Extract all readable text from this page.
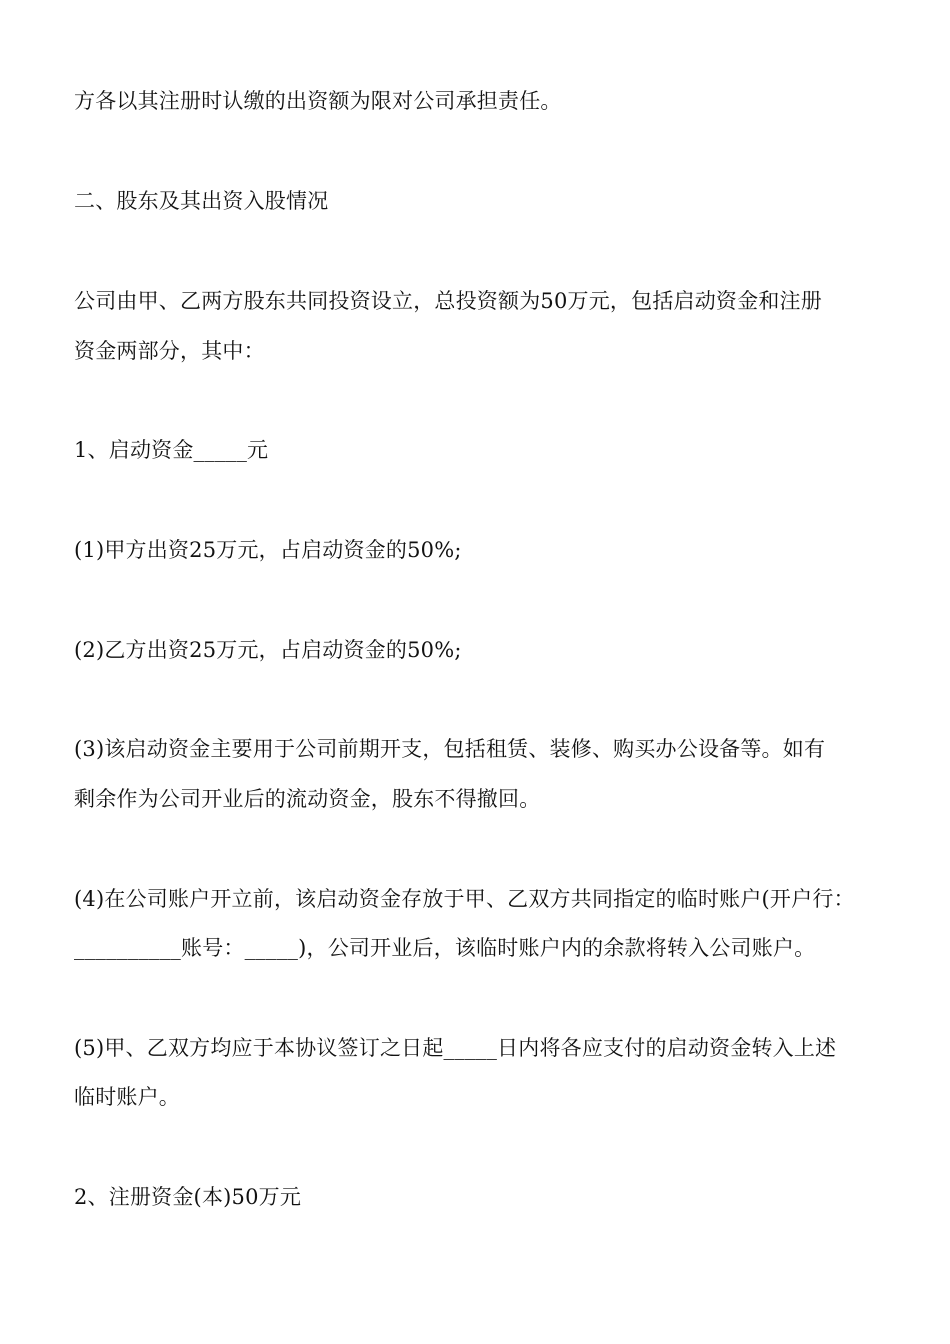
方各以其注册时认缴的出资额为限对公司承担责任。
二、股东及其出资入股情况
公司由甲、乙两方股东共同投资设立，总投资额为50万元，包括启动资金和注册
资金两部分，其中：
1、启动资金_____元
(1)甲方出资25万元，占启动资金的50%;
(2)乙方出资25万元，占启动资金的50%;
(3)该启动资金主要用于公司前期开支，包括租赁、装修、购买办公设备等。如有
剩余作为公司开业后的流动资金，股东不得撤回。
(4)在公司账户开立前，该启动资金存放于甲、乙双方共同指定的临时账户(开户行：
__________账号：_____)，公司开业后，该临时账户内的余款将转入公司账户。
(5)甲、乙双方均应于本协议签订之日起_____日内将各应支付的启动资金转入上述
临时账户。
2、注册资金(本)50万元
